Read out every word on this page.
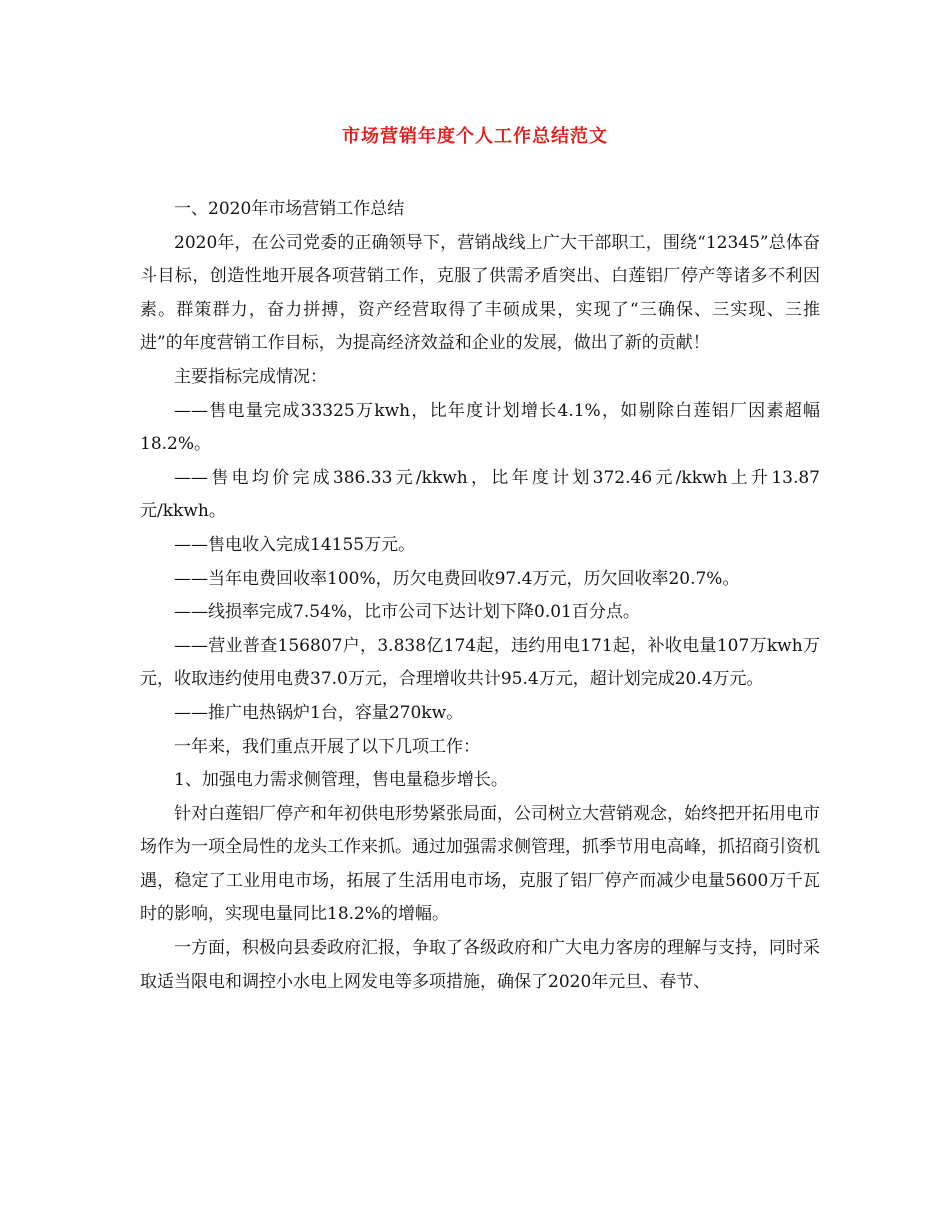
市场营销年度个人工作总结范文

一、2020年市场营销工作总结

2020年，在公司党委的正确领导下，营销战线上广大干部职工，围绕“12345”总体奋斗目标，创造性地开展各项营销工作，克服了供需矛盾突出、白莲铝厂停产等诸多不利因素。群策群力，奋力拼搏，资产经营取得了丰硕成果，实现了“三确保、三实现、三推进”的年度营销工作目标，为提高经济效益和企业的发展，做出了新的贡献！

主要指标完成情况：

——售电量完成33325万kwh，比年度计划增长4.1%，如剔除白莲铝厂因素超幅18.2%。

——售电均价完成386.33元/kkwh，比年度计划372.46元/kkwh上升13.87元/kkwh。

——售电收入完成14155万元。

——当年电费回收率100%，历欠电费回收97.4万元，历欠回收率20.7%。

——线损率完成7.54%，比市公司下达计划下降0.01百分点。

——营业普查156807户，3.838亿174起，违约用电171起，补收电量107万kwh万元，收取违约使用电费37.0万元，合理增收共计95.4万元，超计划完成20.4万元。

——推广电热锅炉1台，容量270kw。

一年来，我们重点开展了以下几项工作：

1、加强电力需求侧管理，售电量稳步增长。

针对白莲铝厂停产和年初供电形势紧张局面，公司树立大营销观念，始终把开拓用电市场作为一项全局性的龙头工作来抓。通过加强需求侧管理，抓季节用电高峰，抓招商引资机遇，稳定了工业用电市场，拓展了生活用电市场，克服了铝厂停产而减少电量5600万千瓦时的影响，实现电量同比18.2%的增幅。

一方面，积极向县委政府汇报，争取了各级政府和广大电力客房的理解与支持，同时采取适当限电和调控小水电上网发电等多项措施，确保了2020年元旦、春节、
